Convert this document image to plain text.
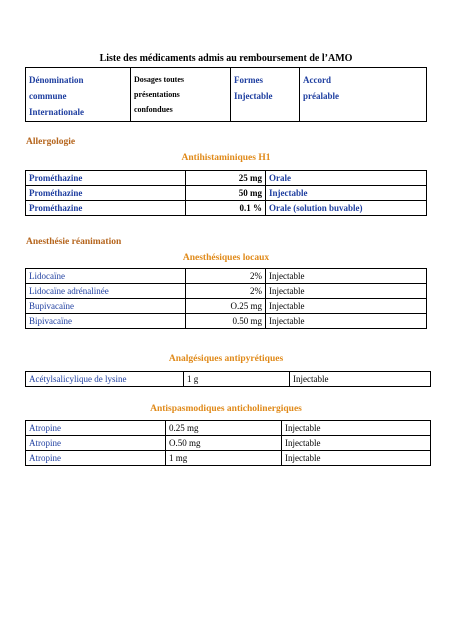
Liste des médicaments admis au remboursement de l’AMO
Dénomination
commune
Internationale

Dosages toutes
présentations
confondues

Formes
Injectable

Accord
préalable
Allergologie
Antihistaminiques H1
Prométhazine	25 mg	Orale
Prométhazine	50 mg	Injectable
Prométhazine	0.1 %	Orale (solution buvable)
Anesthésie réanimation
Anesthésiques locaux
Lidocaïne	2%	Injectable
Lidocaïne adrénalinée	2%	Injectable
Bupivacaïne	O.25 mg	Injectable
Bipivacaïne	0.50 mg	Injectable
Analgésiques antipyrétiques
Acétylsalicylique de lysine	1 g	Injectable
Antispasmodiques anticholinergiques
Atropine	0.25 mg	Injectable
Atropine	O.50 mg	Injectable
Atropine	1 mg	Injectable
